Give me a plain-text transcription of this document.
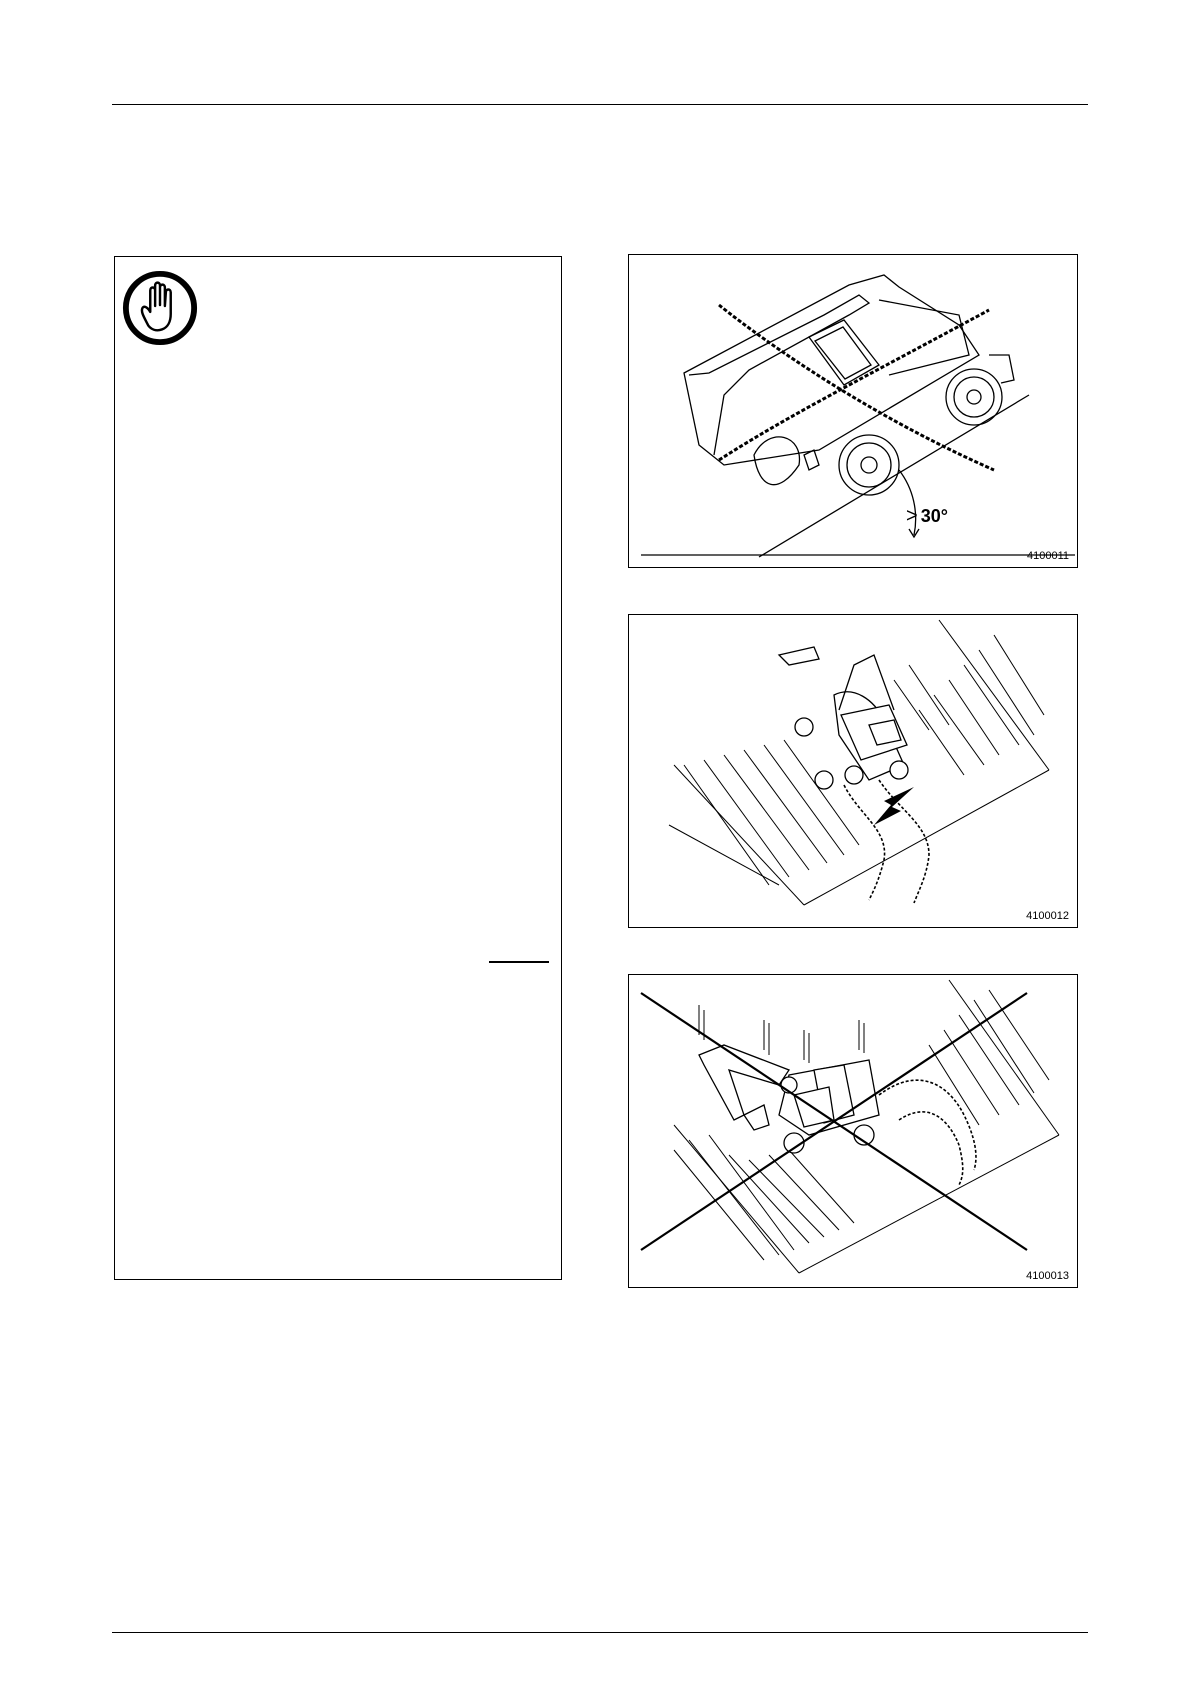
> 30°
4100011
4100012
4100013
